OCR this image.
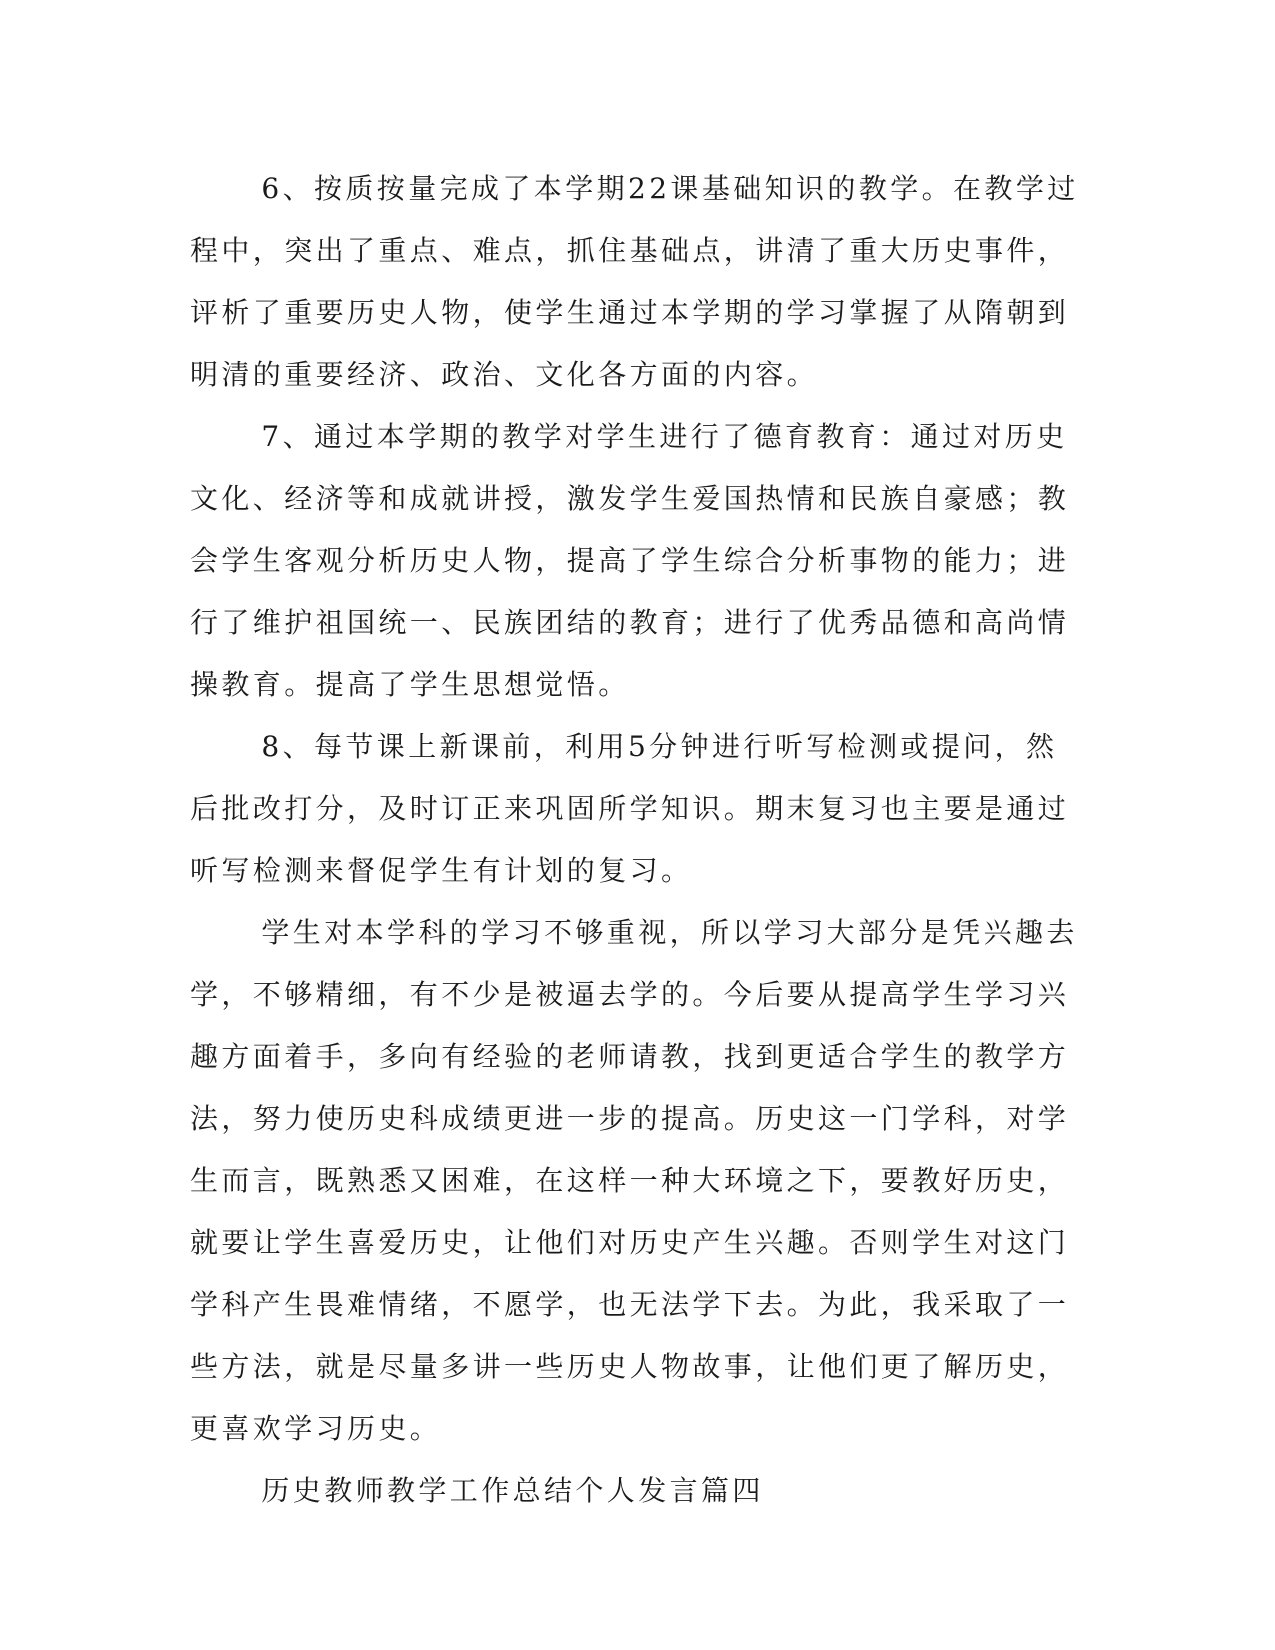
6、按质按量完成了本学期22课基础知识的教学。在教学过程中，突出了重点、难点，抓住基础点，讲清了重大历史事件，评析了重要历史人物，使学生通过本学期的学习掌握了从隋朝到明清的重要经济、政治、文化各方面的内容。

7、通过本学期的教学对学生进行了德育教育：通过对历史文化、经济等和成就讲授，激发学生爱国热情和民族自豪感；教会学生客观分析历史人物，提高了学生综合分析事物的能力；进行了维护祖国统一、民族团结的教育；进行了优秀品德和高尚情操教育。提高了学生思想觉悟。

8、每节课上新课前，利用5分钟进行听写检测或提问，然后批改打分，及时订正来巩固所学知识。期末复习也主要是通过听写检测来督促学生有计划的复习。

学生对本学科的学习不够重视，所以学习大部分是凭兴趣去学，不够精细，有不少是被逼去学的。今后要从提高学生学习兴趣方面着手，多向有经验的老师请教，找到更适合学生的教学方法，努力使历史科成绩更进一步的提高。历史这一门学科，对学生而言，既熟悉又困难，在这样一种大环境之下，要教好历史，就要让学生喜爱历史，让他们对历史产生兴趣。否则学生对这门学科产生畏难情绪，不愿学，也无法学下去。为此，我采取了一些方法，就是尽量多讲一些历史人物故事，让他们更了解历史，更喜欢学习历史。

历史教师教学工作总结个人发言篇四
